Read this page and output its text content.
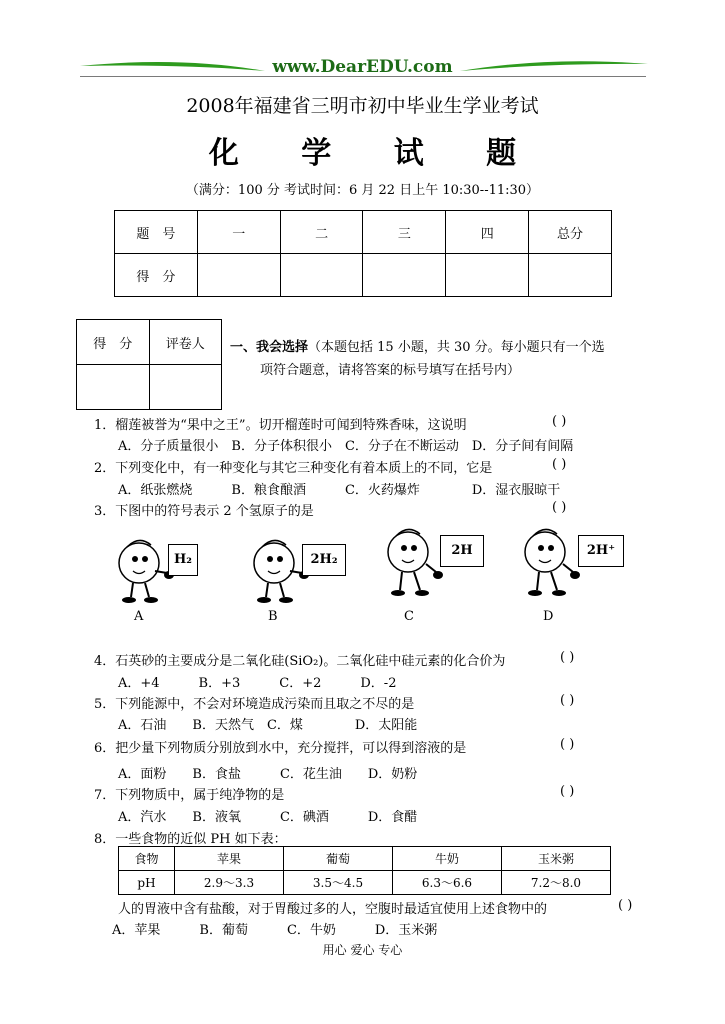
www.DearEDU.com
2008年福建省三明市初中毕业生学业考试
化 学 试 题
（满分：100 分 考试时间：6 月 22 日上午 10:30--11:30）
题　号	一	二	三	四	总分
得　分					
得　分	评卷人
	一、我会选择（本题包括 15 小题，共 30 分。每小题只有一个选
项符合题意，请将答案的标号填写在括号内）
1．榴莲被誉为“果中之王”。切开榴莲时可闻到特殊香味，这说明	( )
A．分子质量很小　B．分子体积很小　C．分子在不断运动　D．分子间有间隔
2．下列变化中，有一种变化与其它三种变化有着本质上的不同，它是	( )
A．纸张燃烧　　　B．粮食酿酒　　　C．火药爆炸　　　　D．湿衣服晾干
3．下图中的符号表示 2 个氢原子的是	( )
H₂
A
2H₂
B
2H
C
2H⁺
D
4．石英砂的主要成分是二氧化硅(SiO₂)。二氧化硅中硅元素的化合价为	( )
A．+4　　　B．+3　　　C．+2　　　D．-2
5．下列能源中，不会对环境造成污染而且取之不尽的是	( )
A．石油　　B．天然气　C．煤　　　　D．太阳能
6．把少量下列物质分别放到水中，充分搅拌，可以得到溶液的是	( )
A．面粉　　B．食盐　　　C．花生油　　D．奶粉
7．下列物质中，属于纯净物的是	( )
A．汽水　　B．液氧　　　C．碘酒　　　D．食醋
8．一些食物的近似 PH 如下表：
食物	苹果	葡萄	牛奶	玉米粥
pH	2.9～3.3	3.5～4.5	6.3～6.6	7.2～8.0
人的胃液中含有盐酸，对于胃酸过多的人，空腹时最适宜使用上述食物中的	( )
A．苹果　　　B．葡萄　　　C．牛奶　　　D．玉米粥
用心 爱心 专心
